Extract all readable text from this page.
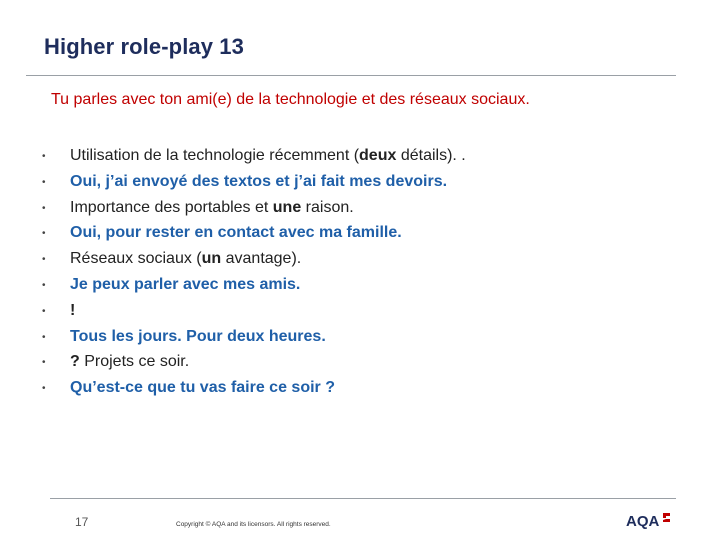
Higher role-play 13
Tu parles avec ton ami(e) de la technologie et des réseaux sociaux.
•	Utilisation de la technologie récemment (deux détails). .
•	Oui, j’ai envoyé des textos et j’ai fait mes devoirs.
•	Importance des portables et une raison.
•	Oui, pour rester en contact avec ma famille.
•	Réseaux sociaux (un avantage).
•	Je peux parler avec mes amis.
•	!
•	Tous les jours. Pour deux heures.
•	? Projets ce soir.
•	Qu’est-ce que tu vas faire ce soir ?
17	Copyright © AQA and its licensors. All rights reserved.	AQA
